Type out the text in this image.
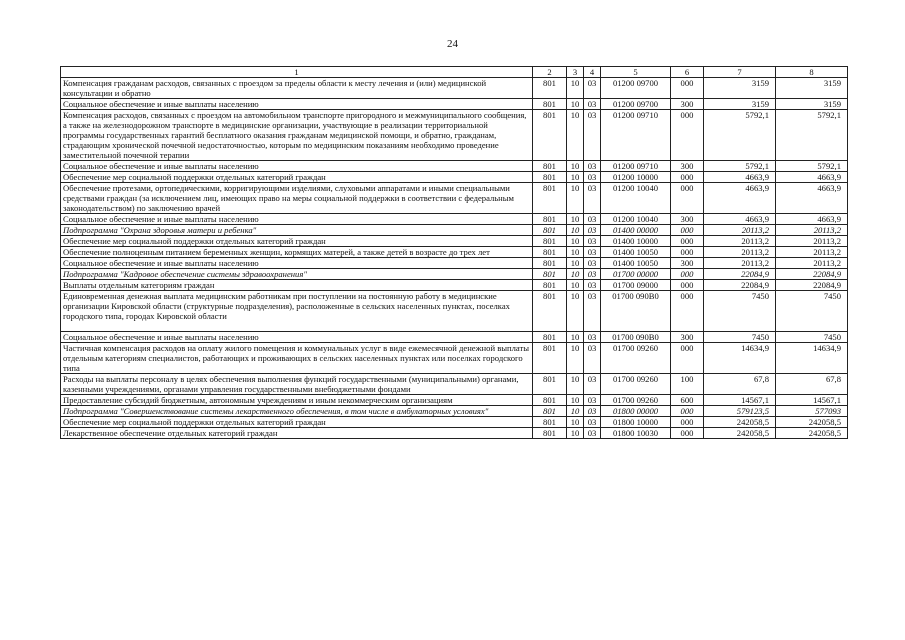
24
1	2	3	4	5	6	7	8
Компенсация гражданам расходов, связанных с проездом за пределы области к месту лечения и (или) медицинской консультации и обратно	801	10	03	01200 09700	000	3159	3159
Социальное обеспечение и иные выплаты населению	801	10	03	01200 09700	300	3159	3159
Компенсация расходов, связанных с проездом на автомобильном транспорте пригородного и межмуниципального сообщения, а также на железнодорожном транспорте в медицинские организации, участвующие в реализации территориальной программы государственных гарантий бесплатного оказания гражданам медицинской помощи, и обратно, гражданам, страдающим хронической почечной недостаточностью, которым по медицинским показаниям необходимо проведение заместительной почечной терапии	801	10	03	01200 09710	000	5792,1	5792,1
Социальное обеспечение и иные выплаты населению	801	10	03	01200 09710	300	5792,1	5792,1
Обеспечение мер социальной поддержки отдельных категорий граждан	801	10	03	01200 10000	000	4663,9	4663,9
Обеспечение протезами, ортопедическими, корригирующими изделиями, слуховыми аппаратами и иными специальными средствами граждан (за исключением лиц, имеющих право на меры социальной поддержки в соответствии с федеральным законодательством) по заключению врачей	801	10	03	01200 10040	000	4663,9	4663,9
Социальное обеспечение и иные выплаты населению	801	10	03	01200 10040	300	4663,9	4663,9
Подпрограмма "Охрана здоровья матери и ребенка"	801	10	03	01400 00000	000	20113,2	20113,2
Обеспечение мер социальной поддержки отдельных категорий граждан	801	10	03	01400 10000	000	20113,2	20113,2
Обеспечение полноценным питанием беременных женщин, кормящих матерей, а также детей в возрасте до трех лет	801	10	03	01400 10050	000	20113,2	20113,2
Социальное обеспечение и иные выплаты населению	801	10	03	01400 10050	300	20113,2	20113,2
Подпрограмма "Кадровое обеспечение системы здравоохранения"	801	10	03	01700 00000	000	22084,9	22084,9
Выплаты отдельным категориям граждан	801	10	03	01700 09000	000	22084,9	22084,9
Единовременная денежная выплата медицинским работникам при поступлении на постоянную работу в медицинские организации Кировской области (структурные подразделения), расположенные в сельских населенных пунктах, поселках городского типа, городах Кировской области	801	10	03	01700 090В0	000	7450	7450
Социальное обеспечение и иные выплаты населению	801	10	03	01700 090В0	300	7450	7450
Частичная компенсация расходов на оплату жилого помещения и коммунальных услуг в виде ежемесячной денежной выплаты отдельным категориям специалистов, работающих и проживающих в сельских населенных пунктах или поселках городского типа	801	10	03	01700 09260	000	14634,9	14634,9
Расходы на выплаты персоналу в целях обеспечения выполнения функций государственными (муниципальными) органами, казенными учреждениями, органами управления государственными внебюджетными фондами	801	10	03	01700 09260	100	67,8	67,8
Предоставление субсидий бюджетным, автономным учреждениям и иным некоммерческим организациям	801	10	03	01700 09260	600	14567,1	14567,1
Подпрограмма "Совершенствование системы лекарственного обеспечения, в том числе в амбулаторных условиях"	801	10	03	01800 00000	000	579123,5	577093
Обеспечение мер социальной поддержки отдельных категорий граждан	801	10	03	01800 10000	000	242058,5	242058,5
Лекарственное обеспечение отдельных категорий граждан	801	10	03	01800 10030	000	242058,5	242058,5
